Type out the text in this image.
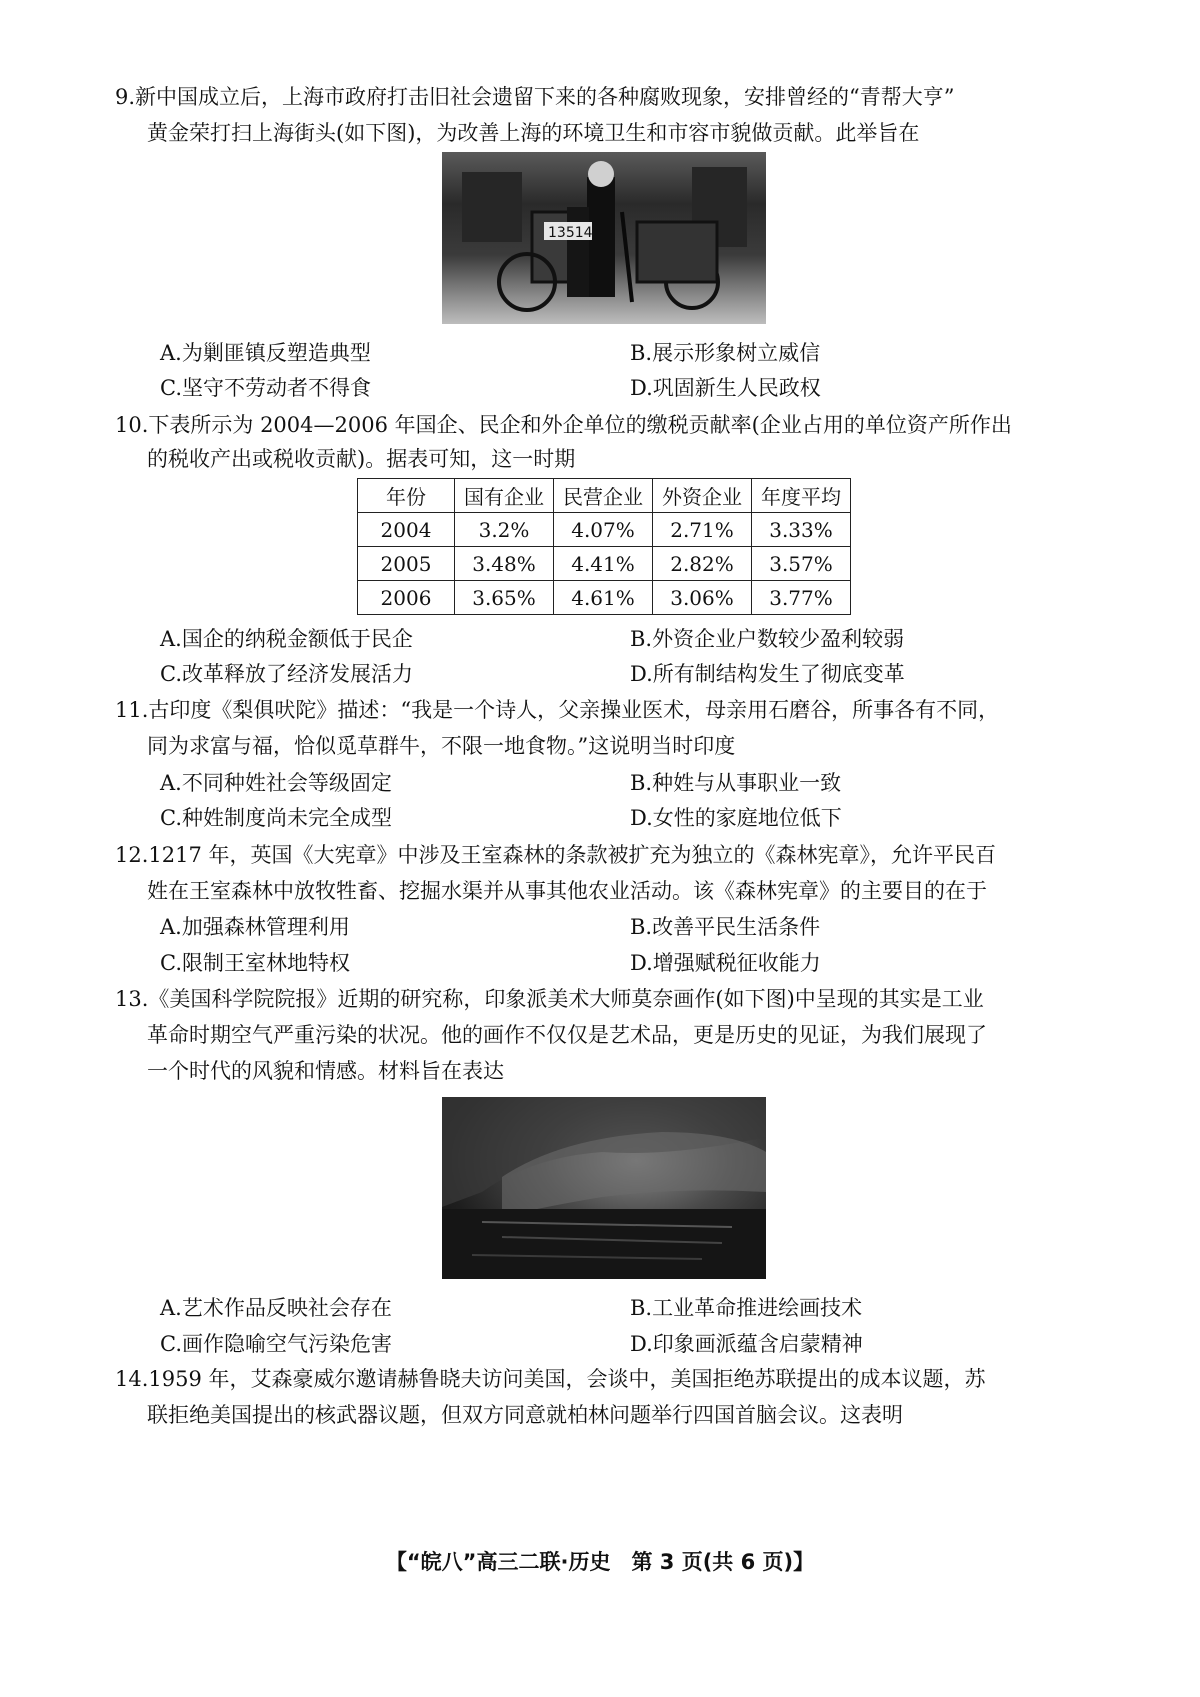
9.新中国成立后，上海市政府打击旧社会遗留下来的各种腐败现象，安排曾经的“青帮大亨”
黄金荣打扫上海街头(如下图)，为改善上海的环境卫生和市容市貌做贡献。此举旨在
13514
A.为剿匪镇反塑造典型	B.展示形象树立威信
C.坚守不劳动者不得食	D.巩固新生人民政权
10.下表所示为 2004—2006 年国企、民企和外企单位的缴税贡献率(企业占用的单位资产所作出
的税收产出或税收贡献)。据表可知，这一时期
年份	国有企业	民营企业	外资企业	年度平均
2004	3.2%	4.07%	2.71%	3.33%
2005	3.48%	4.41%	2.82%	3.57%
2006	3.65%	4.61%	3.06%	3.77%
A.国企的纳税金额低于民企	B.外资企业户数较少盈利较弱
C.改革释放了经济发展活力	D.所有制结构发生了彻底变革
11.古印度《梨俱吠陀》描述：“我是一个诗人，父亲操业医术，母亲用石磨谷，所事各有不同，
同为求富与福，恰似觅草群牛，不限一地食物。”这说明当时印度
A.不同种姓社会等级固定	B.种姓与从事职业一致
C.种姓制度尚未完全成型	D.女性的家庭地位低下
12.1217 年，英国《大宪章》中涉及王室森林的条款被扩充为独立的《森林宪章》，允许平民百
姓在王室森林中放牧牲畜、挖掘水渠并从事其他农业活动。该《森林宪章》的主要目的在于
A.加强森林管理利用	B.改善平民生活条件
C.限制王室林地特权	D.增强赋税征收能力
13.《美国科学院院报》近期的研究称，印象派美术大师莫奈画作(如下图)中呈现的其实是工业
革命时期空气严重污染的状况。他的画作不仅仅是艺术品，更是历史的见证，为我们展现了
一个时代的风貌和情感。材料旨在表达
A.艺术作品反映社会存在	B.工业革命推进绘画技术
C.画作隐喻空气污染危害	D.印象画派蕴含启蒙精神
14.1959 年，艾森豪威尔邀请赫鲁晓夫访问美国，会谈中，美国拒绝苏联提出的成本议题，苏
联拒绝美国提出的核武器议题，但双方同意就柏林问题举行四国首脑会议。这表明
【“皖八”高三二联·历史　第 3 页(共 6 页)】
